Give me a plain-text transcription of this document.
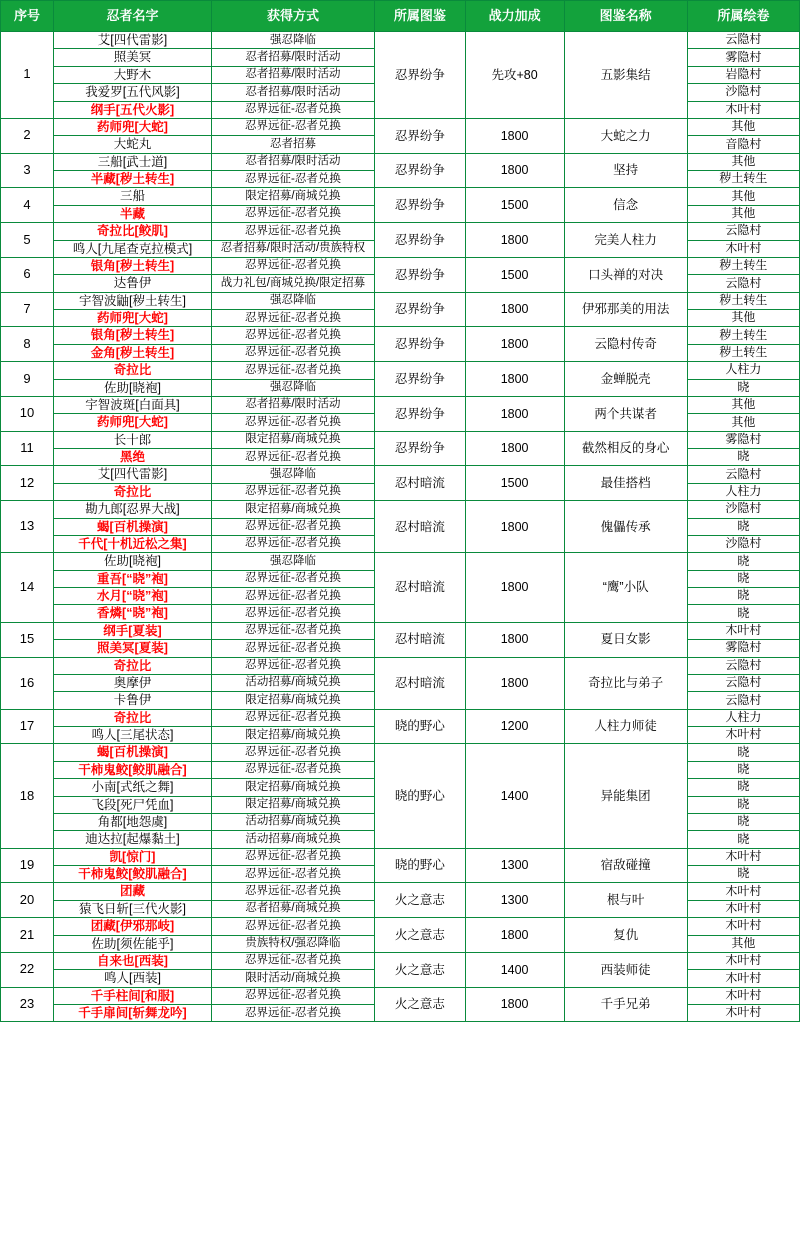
序号	忍者名字	获得方式	所属图鉴	战力加成	图鉴名称	所属绘卷
1	艾[四代雷影]	强忍降临	忍界纷争	先攻+80	五影集结	云隐村
	照美冥	忍者招募/限时活动				雾隐村
	大野木	忍者招募/限时活动				岩隐村
	我爱罗[五代风影]	忍者招募/限时活动				沙隐村
	纲手[五代火影]	忍界远征-忍者兑换				木叶村
2	药师兜[大蛇]	忍界远征-忍者兑换	忍界纷争	1800	大蛇之力	其他
	大蛇丸	忍者招募				音隐村
3	三船[武士道]	忍者招募/限时活动	忍界纷争	1800	坚持	其他
	半藏[秽土转生]	忍界远征-忍者兑换				秽土转生
4	三船	限定招募/商城兑换	忍界纷争	1500	信念	其他
	半藏	忍界远征-忍者兑换				其他
5	奇拉比[鲛肌]	忍界远征-忍者兑换	忍界纷争	1800	完美人柱力	云隐村
	鸣人[九尾查克拉模式]	忍者招募/限时活动/贵族特权				木叶村
6	银角[秽土转生]	忍界远征-忍者兑换	忍界纷争	1500	口头禅的对决	秽土转生
	达鲁伊	战力礼包/商城兑换/限定招募				云隐村
7	宇智波鼬[秽土转生]	强忍降临	忍界纷争	1800	伊邪那美的用法	秽土转生
	药师兜[大蛇]	忍界远征-忍者兑换				其他
8	银角[秽土转生]	忍界远征-忍者兑换	忍界纷争	1800	云隐村传奇	秽土转生
	金角[秽土转生]	忍界远征-忍者兑换				秽土转生
9	奇拉比	忍界远征-忍者兑换	忍界纷争	1800	金蝉脱壳	人柱力
	佐助[晓袍]	强忍降临				晓
10	宇智波斑[白面具]	忍者招募/限时活动	忍界纷争	1800	两个共谋者	其他
	药师兜[大蛇]	忍界远征-忍者兑换				其他
11	长十郎	限定招募/商城兑换	忍界纷争	1800	截然相反的身心	雾隐村
	黑绝	忍界远征-忍者兑换				晓
12	艾[四代雷影]	强忍降临	忍村暗流	1500	最佳搭档	云隐村
	奇拉比	忍界远征-忍者兑换				人柱力
13	勘九郎[忍界大战]	限定招募/商城兑换	忍村暗流	1800	傀儡传承	沙隐村
	蝎[百机操演]	忍界远征-忍者兑换				晓
	千代[十机近松之集]	忍界远征-忍者兑换				沙隐村
14	佐助[晓袍]	强忍降临	忍村暗流	1800	“鹰”小队	晓
	重吾[“晓”袍]	忍界远征-忍者兑换				晓
	水月[“晓”袍]	忍界远征-忍者兑换				晓
	香燐[“晓”袍]	忍界远征-忍者兑换				晓
15	纲手[夏装]	忍界远征-忍者兑换	忍村暗流	1800	夏日女影	木叶村
	照美冥[夏装]	忍界远征-忍者兑换				雾隐村
16	奇拉比	忍界远征-忍者兑换	忍村暗流	1800	奇拉比与弟子	云隐村
	奥摩伊	活动招募/商城兑换				云隐村
	卡鲁伊	限定招募/商城兑换				云隐村
17	奇拉比	忍界远征-忍者兑换	晓的野心	1200	人柱力师徒	人柱力
	鸣人[三尾状态]	限定招募/商城兑换				木叶村
18	蝎[百机操演]	忍界远征-忍者兑换	晓的野心	1400	异能集团	晓
	干柿鬼鲛[鲛肌融合]	忍界远征-忍者兑换				晓
	小南[式纸之舞]	限定招募/商城兑换				晓
	飞段[死尸凭血]	限定招募/商城兑换				晓
	角都[地怨虞]	活动招募/商城兑换				晓
	迪达拉[起爆黏土]	活动招募/商城兑换				晓
19	凯[惊门]	忍界远征-忍者兑换	晓的野心	1300	宿敌碰撞	木叶村
	干柿鬼鲛[鲛肌融合]	忍界远征-忍者兑换				晓
20	团藏	忍界远征-忍者兑换	火之意志	1300	根与叶	木叶村
	猿飞日斩[三代火影]	忍者招募/商城兑换				木叶村
21	团藏[伊邪那岐]	忍界远征-忍者兑换	火之意志	1800	复仇	木叶村
	佐助[须佐能乎]	贵族特权/强忍降临				其他
22	自来也[西装]	忍界远征-忍者兑换	火之意志	1400	西装师徒	木叶村
	鸣人[西装]	限时活动/商城兑换				木叶村
23	千手柱间[和服]	忍界远征-忍者兑换	火之意志	1800	千手兄弟	木叶村
	千手扉间[斩舞龙吟]	忍界远征-忍者兑换				木叶村
